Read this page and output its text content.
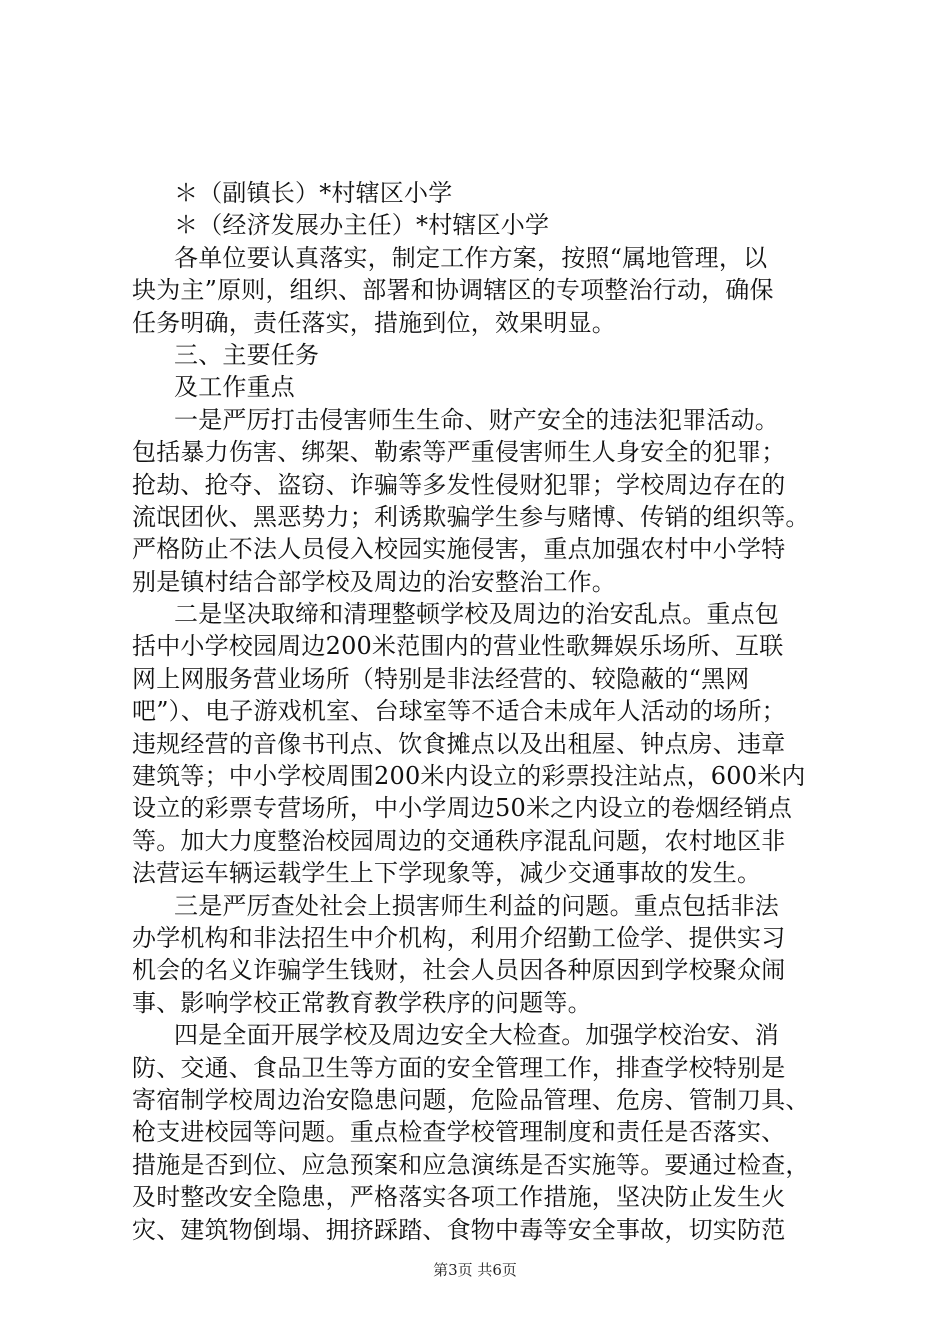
＊（副镇长）*村辖区小学
＊（经济发展办主任）*村辖区小学
各单位要认真落实，制定工作方案，按照“属地管理，以
块为主”原则，组织、部署和协调辖区的专项整治行动，确保
任务明确，责任落实，措施到位，效果明显。
三、主要任务
及工作重点
一是严厉打击侵害师生生命、财产安全的违法犯罪活动。
包括暴力伤害、绑架、勒索等严重侵害师生人身安全的犯罪；
抢劫、抢夺、盗窃、诈骗等多发性侵财犯罪；学校周边存在的
流氓团伙、黑恶势力；利诱欺骗学生参与赌博、传销的组织等。
严格防止不法人员侵入校园实施侵害，重点加强农村中小学特
别是镇村结合部学校及周边的治安整治工作。
二是坚决取缔和清理整顿学校及周边的治安乱点。重点包
括中小学校园周边200米范围内的营业性歌舞娱乐场所、互联
网上网服务营业场所（特别是非法经营的、较隐蔽的“黑网
吧”）、电子游戏机室、台球室等不适合未成年人活动的场所；
违规经营的音像书刊点、饮食摊点以及出租屋、钟点房、违章
建筑等；中小学校周围200米内设立的彩票投注站点，600米内
设立的彩票专营场所，中小学周边50米之内设立的卷烟经销点
等。加大力度整治校园周边的交通秩序混乱问题，农村地区非
法营运车辆运载学生上下学现象等，减少交通事故的发生。
三是严厉查处社会上损害师生利益的问题。重点包括非法
办学机构和非法招生中介机构，利用介绍勤工俭学、提供实习
机会的名义诈骗学生钱财，社会人员因各种原因到学校聚众闹
事、影响学校正常教育教学秩序的问题等。
四是全面开展学校及周边安全大检查。加强学校治安、消
防、交通、食品卫生等方面的安全管理工作，排查学校特别是
寄宿制学校周边治安隐患问题，危险品管理、危房、管制刀具、
枪支进校园等问题。重点检查学校管理制度和责任是否落实、
措施是否到位、应急预案和应急演练是否实施等。要通过检查，
及时整改安全隐患，严格落实各项工作措施，坚决防止发生火
灾、建筑物倒塌、拥挤踩踏、食物中毒等安全事故，切实防范
第3页 共6页
